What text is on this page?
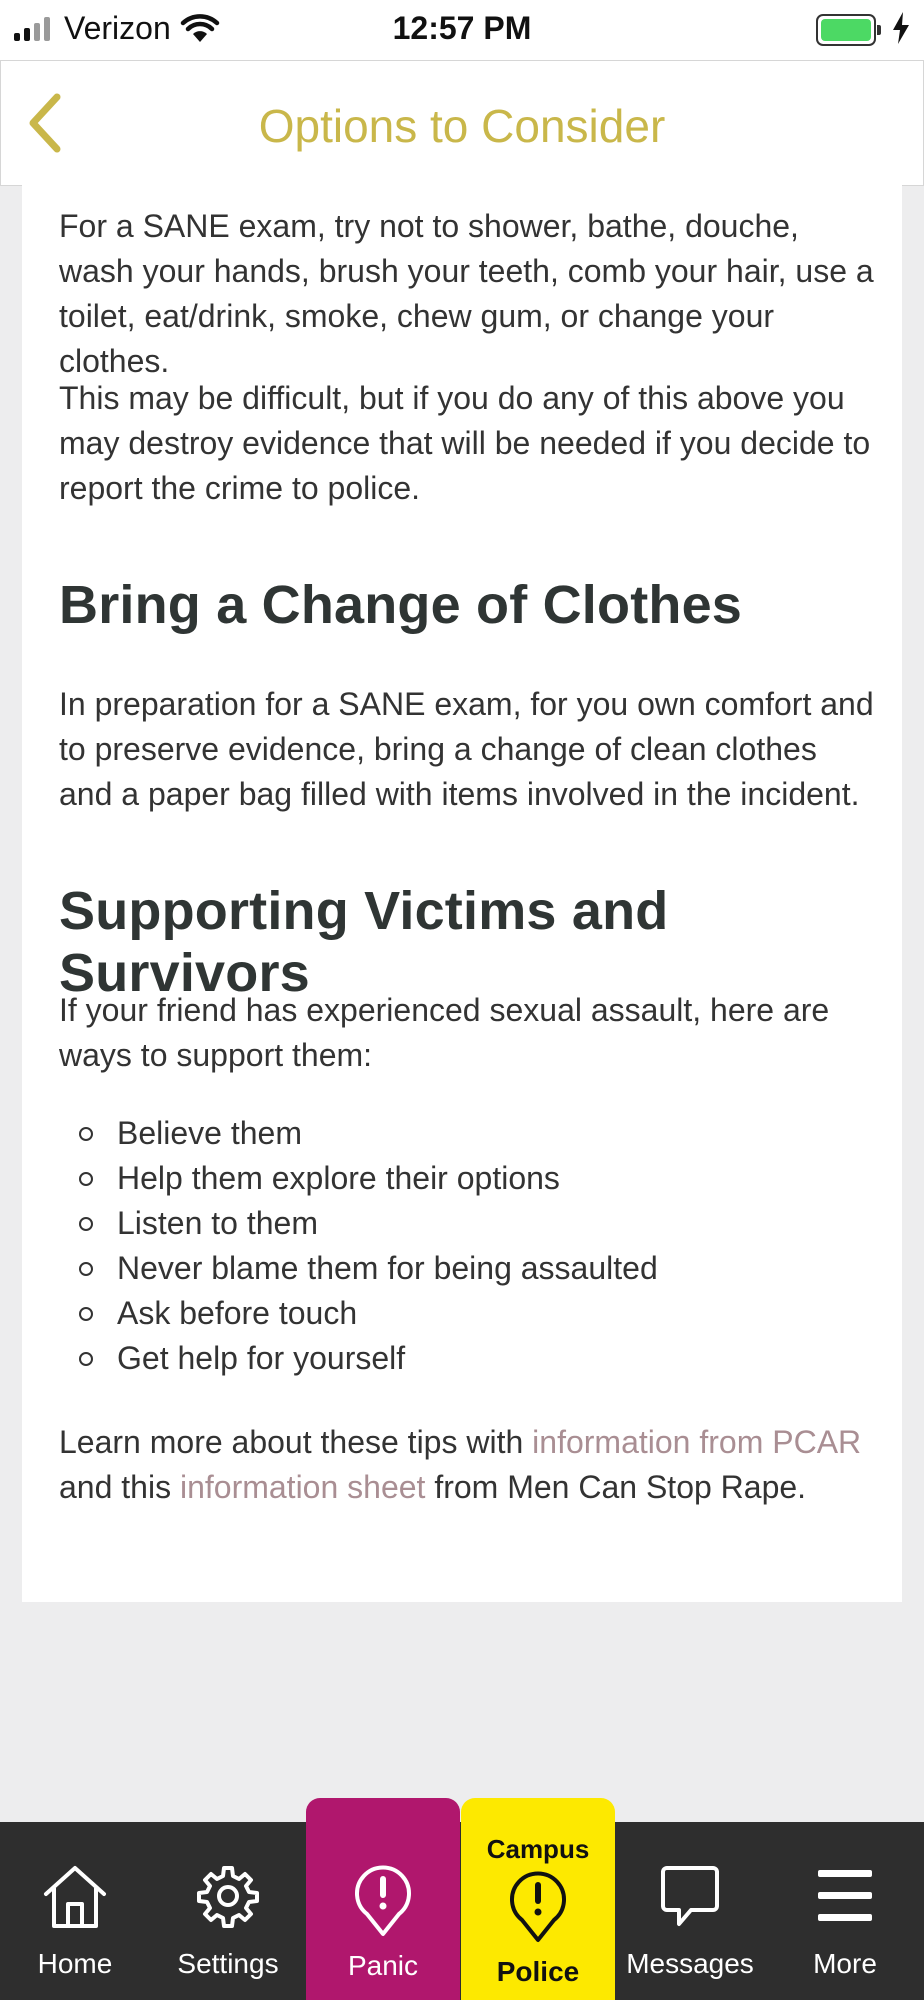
Verizon	12:57 PM
Options to Consider

For a SANE exam, try not to shower, bathe, douche, wash your hands, brush your teeth, comb your hair, use a toilet, eat/drink, smoke, chew gum, or change your clothes.

This may be difficult, but if you do any of this above you may destroy evidence that will be needed if you decide to report the crime to police.

Bring a Change of Clothes

In preparation for a SANE exam, for you own comfort and to preserve evidence, bring a change of clean clothes and a paper bag filled with items involved in the incident.

Supporting Victims and Survivors

If your friend has experienced sexual assault, here are ways to support them:

Believe them
Help them explore their options
Listen to them
Never blame them for being assaulted
Ask before touch
Get help for yourself

Learn more about these tips with information from PCAR and this information sheet from Men Can Stop Rape.

Home	Settings	Messages	More
Panic
Campus
Police
